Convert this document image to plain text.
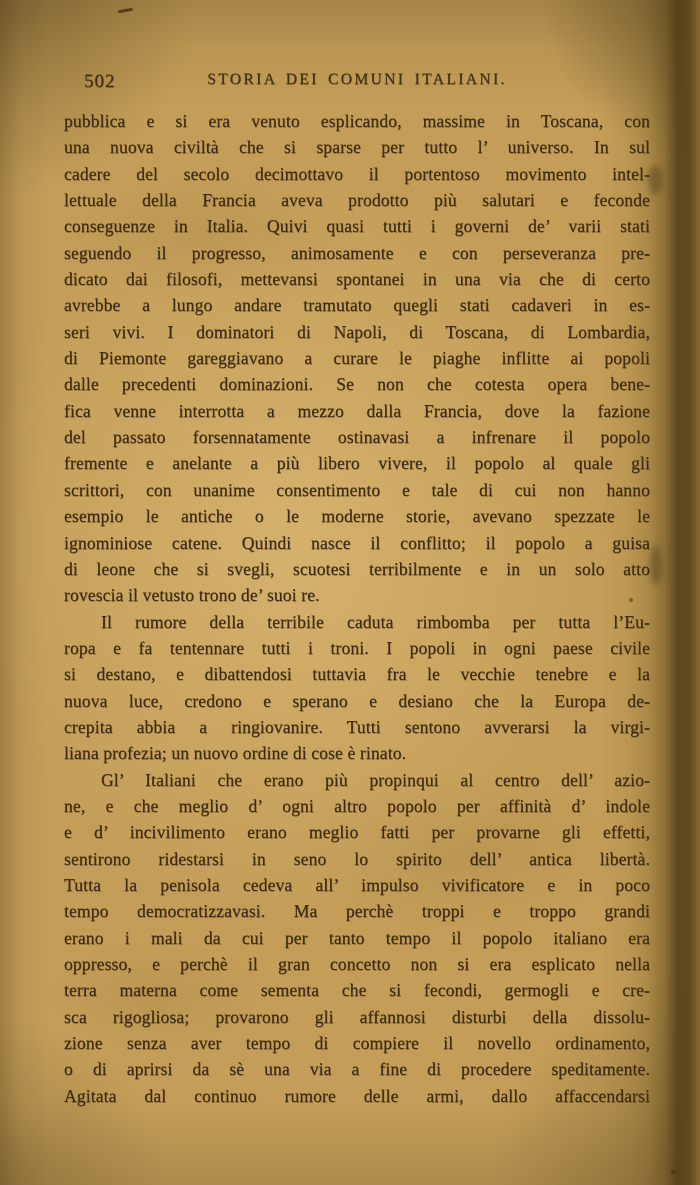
502	STORIA DEI COMUNI ITALIANI.
pubblica e si era venuto esplicando, massime in Toscana, con
una nuova civiltà che si sparse per tutto l’ universo. In sul
cadere del secolo decimottavo il portentoso movimento intel-
lettuale della Francia aveva prodotto più salutari e feconde
conseguenze in Italia. Quivi quasi tutti i governi de’ varii stati
seguendo il progresso, animosamente e con perseveranza pre-
dicato dai filosofi, mettevansi spontanei in una via che di certo
avrebbe a lungo andare tramutato quegli stati cadaveri in es-
seri vivi. I dominatori di Napoli, di Toscana, di Lombardia,
di Piemonte gareggiavano a curare le piaghe inflitte ai popoli
dalle precedenti dominazioni. Se non che cotesta opera bene-
fica venne interrotta a mezzo dalla Francia, dove la fazione
del passato forsennatamente ostinavasi a infrenare il popolo
fremente e anelante a più libero vivere, il popolo al quale gli
scrittori, con unanime consentimento e tale di cui non hanno
esempio le antiche o le moderne storie, avevano spezzate le
ignominiose catene. Quindi nasce il conflitto; il popolo a guisa
di leone che si svegli, scuotesi terribilmente e in un solo atto
rovescia il vetusto trono de’ suoi re.
Il rumore della terribile caduta rimbomba per tutta l’Eu-
ropa e fa tentennare tutti i troni. I popoli in ogni paese civile
si destano, e dibattendosi tuttavia fra le vecchie tenebre e la
nuova luce, credono e sperano e desiano che la Europa de-
crepita abbia a ringiovanire. Tutti sentono avverarsi la virgi-
liana profezia; un nuovo ordine di cose è rinato.
Gl’ Italiani che erano più propinqui al centro dell’ azio-
ne, e che meglio d’ ogni altro popolo per affinità d’ indole
e d’ incivilimento erano meglio fatti per provarne gli effetti,
sentirono ridestarsi in seno lo spirito dell’ antica libertà.
Tutta la penisola cedeva all’ impulso vivificatore e in poco
tempo democratizzavasi. Ma perchè troppi e troppo grandi
erano i mali da cui per tanto tempo il popolo italiano era
oppresso, e perchè il gran concetto non si era esplicato nella
terra materna come sementa che si fecondi, germogli e cre-
sca rigogliosa; provarono gli affannosi disturbi della dissolu-
zione senza aver tempo di compiere il novello ordinamento,
o di aprirsi da sè una via a fine di procedere speditamente.
Agitata dal continuo rumore delle armi, dallo affaccendarsi
